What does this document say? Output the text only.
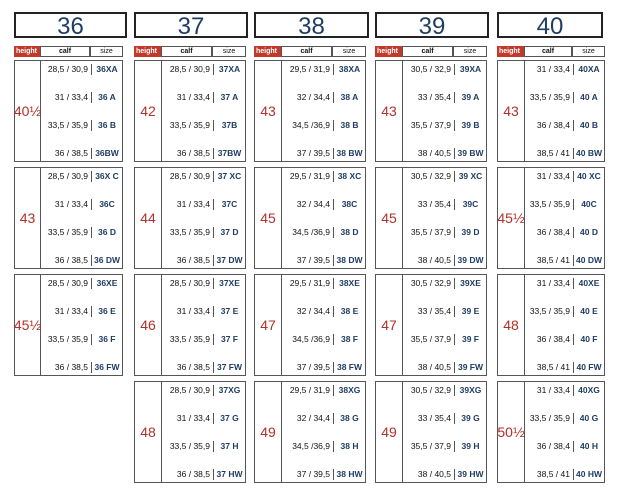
36
height	calf	size
40½
28,5 / 30,9 36XA
31 / 33,4	36 A
33,5 / 35,9	36 B
36 / 38,5 36BW
43
28,5 / 30,9 36X C
31 / 33,4	36C
33,5 / 35,9	36 D
36 / 38,5 36 DW
45½
28,5 / 30,9	36XE
31 / 33,4	36 E
33,5 / 35,9	36 F
36 / 38,5 36 FW
37
height	calf	size
42
28,5 / 30,9	37XA
31 / 33,4	37 A
33,5 / 35,9	37B
36 / 38,5 37BW
44
28,5 / 30,9 37 XC
31 / 33,4	37C
33,5 / 35,9	37 D
36 / 38,5 37 DW
46
28,5 / 30,9	37XE
31 / 33,4	37 E
33,5 / 35,9	37 F
36 / 38,5 37 FW
48
28,5 / 30,9	37XG
31 / 33,4	37 G
33,5 / 35,9	37 H
36 / 38,5 37 HW
38
height	calf	size
43
29,5 / 31,9	38XA
32 / 34,4	38 A
34,5 /36,9	38 B
37 / 39,5 38 BW
45
29,5 / 31,9 38 XC
32 / 34,4	38C
34,5 /36,9	38 D
37 / 39,5 38 DW
47
29,5 / 31,9	38XE
32 / 34,4	38 E
34,5 /36,9	38 F
37 / 39,5 38 FW
49
29,5 / 31,9	38XG
32 / 34,4	38 G
34,5 /36,9	38 H
37 / 39,5 38 HW
39
height	calf	size
43
30,5 / 32,9	39XA
33 / 35,4	39 A
35,5 / 37,9	39 B
38 / 40,5 39 BW
45
30,5 / 32,9 39 XC
33 / 35,4	39C
35,5 / 37,9	39 D
38 / 40,5 39 DW
47
30,5 / 32,9	39XE
33 / 35,4	39 E
35,5 / 37,9	39 F
38 / 40,5 39 FW
49
30,5 / 32,9	39XG
33 / 35,4	39 G
35,5 / 37,9	39 H
38 / 40,5 39 HW
40
height	calf	size
43
31 / 33,4 40XA
33,5 / 35,9	40 A
36 / 38,4	40 B
38,5 / 41 40 BW
45½
31 / 33,4 40 XC
33,5 / 35,9	40C
36 / 38,4	40 D
38,5 / 41 40 DW
48
31 / 33,4	40XE
33,5 / 35,9	40 E
36 / 38,4	40 F
38,5 / 41 40 FW
50½
31 / 33,4 40XG
33,5 / 35,9	40 G
36 / 38,4	40 H
38,5 / 41 40 HW
